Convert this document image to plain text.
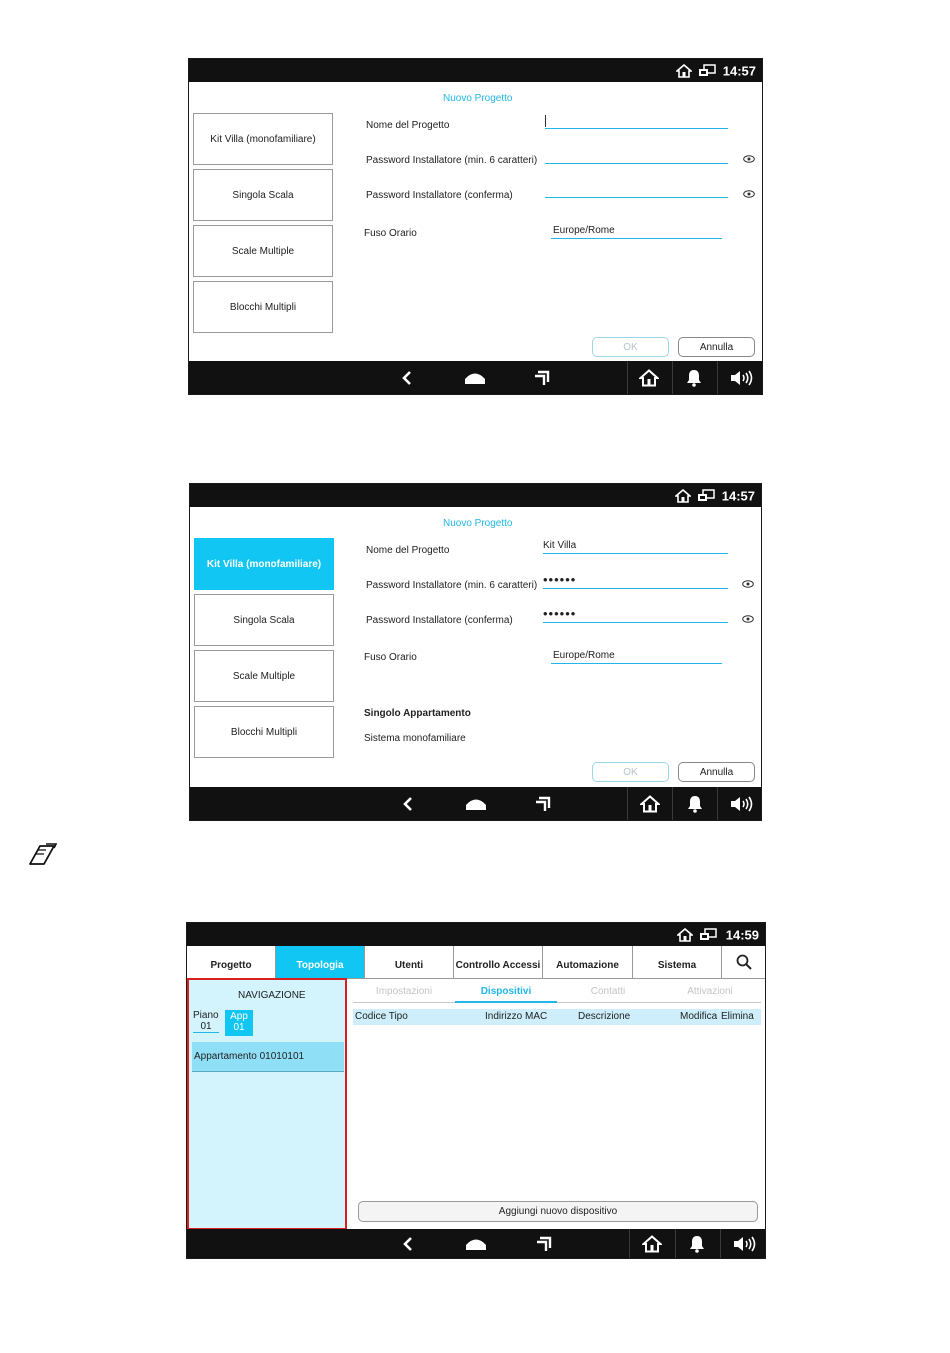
14:57
Kit Villa (monofamiliare)
Singola Scala
Scale Multiple
Blocchi Multipli
Nuovo Progetto
Nome del Progetto
Password Installatore (min. 6 caratteri)
Password Installatore (conferma)
Fuso Orario	Europe/Rome
OK	Annulla
14:57
Kit Villa (monofamiliare)
Singola Scala
Scale Multiple
Blocchi Multipli
Nuovo Progetto
Nome del Progetto	Kit Villa
Password Installatore (min. 6 caratteri) ••••••
Password Installatore (conferma) ••••••
Fuso Orario	Europe/Rome
Singolo Appartamento
Sistema monofamiliare
OK	Annulla
14:59
Progetto	Topologia	Utenti	Controllo Accessi	Automazione	Sistema
NAVIGAZIONE
Piano
01
App
01
Appartamento 01010101
Impostazioni	Dispositivi	Contatti	Attivazioni
Codice Tipo	Indirizzo MAC	Descrizione	Modifica Elimina
Aggiungi nuovo dispositivo
